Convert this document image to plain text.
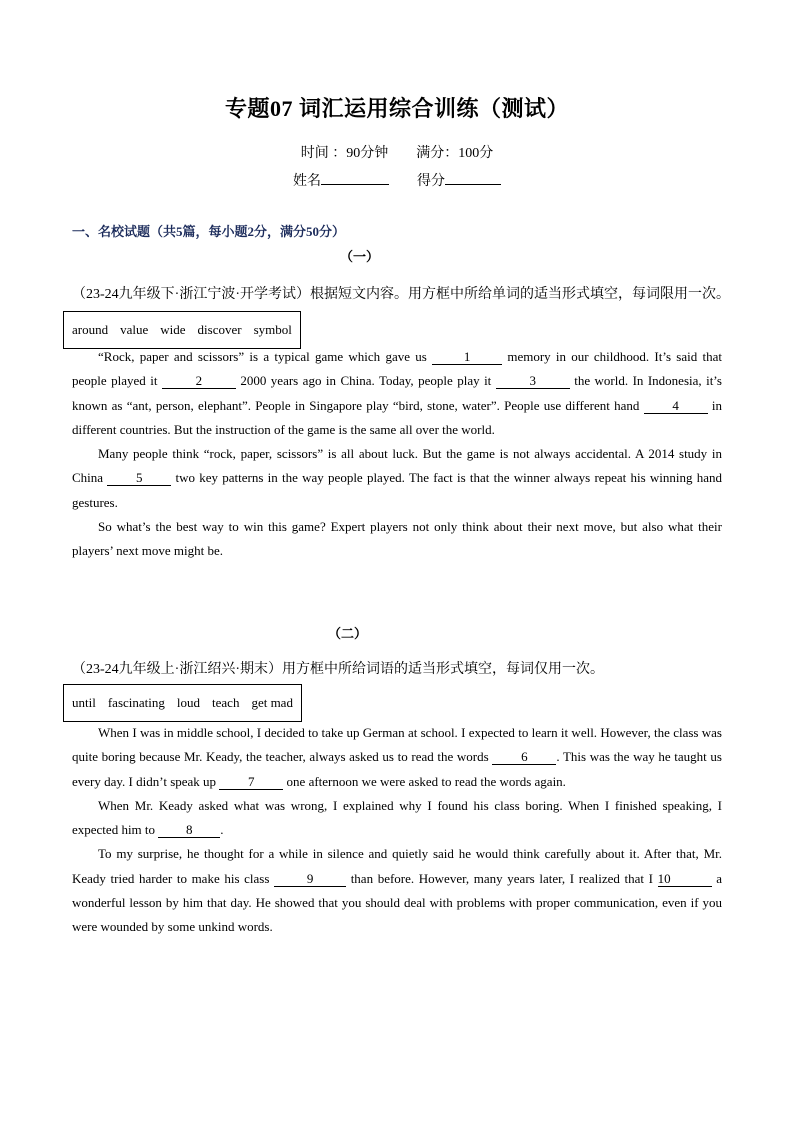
专题07 词汇运用综合训练（测试）
时间 ：90分钟 满分：100分
姓名	得分
一、名校试题（共5篇，每小题2分，满分50分）
（一）
（23-24九年级下·浙江宁波·开学考试）根据短文内容。用方框中所给单词的适当形式填空，每词限用一次。
around value wide discover symbol

“Rock, paper and scissors” is a typical game which gave us 1 memory in our childhood. It’s said that people played it	2	2000 years ago in China. Today, people play it	3	the world. In Indonesia, it’s known as “ant, person, elephant”. People in Singapore play “bird, stone, water”. People use different hand 4 in different countries. But the instruction of the game is the same all over the world.

Many people think “rock, paper, scissors” is all about luck. But the game is not always accidental. A 2014 study in China 5 two key patterns in the way people played. The fact is that the winner always repeat his winning hand gestures.

So what’s the best way to win this game? Expert players not only think about their next move, but also what their players’ next move might be.

（二）
（23-24九年级上·浙江绍兴·期末）用方框中所给词语的适当形式填空，每词仅用一次。
until fascinating loud teach get mad

When I was in middle school, I decided to take up German at school. I expected to learn it well. However, the class was quite boring because Mr. Keady, the teacher, always asked us to read the words 6 . This was the way he taught us every day. I didn’t speak up 7 one afternoon we were asked to read the words again.

When Mr. Keady asked what was wrong, I explained why I found his class boring. When I finished speaking, I expected him to 8 .

To my surprise, he thought for a while in silence and quietly said he would think carefully about it. After that, Mr. Keady tried harder to make his class	9	than before. However, many years later, I realized that I 10	a wonderful lesson by him that day. He showed that you should deal with problems with proper communication, even if you were wounded by some unkind words.
